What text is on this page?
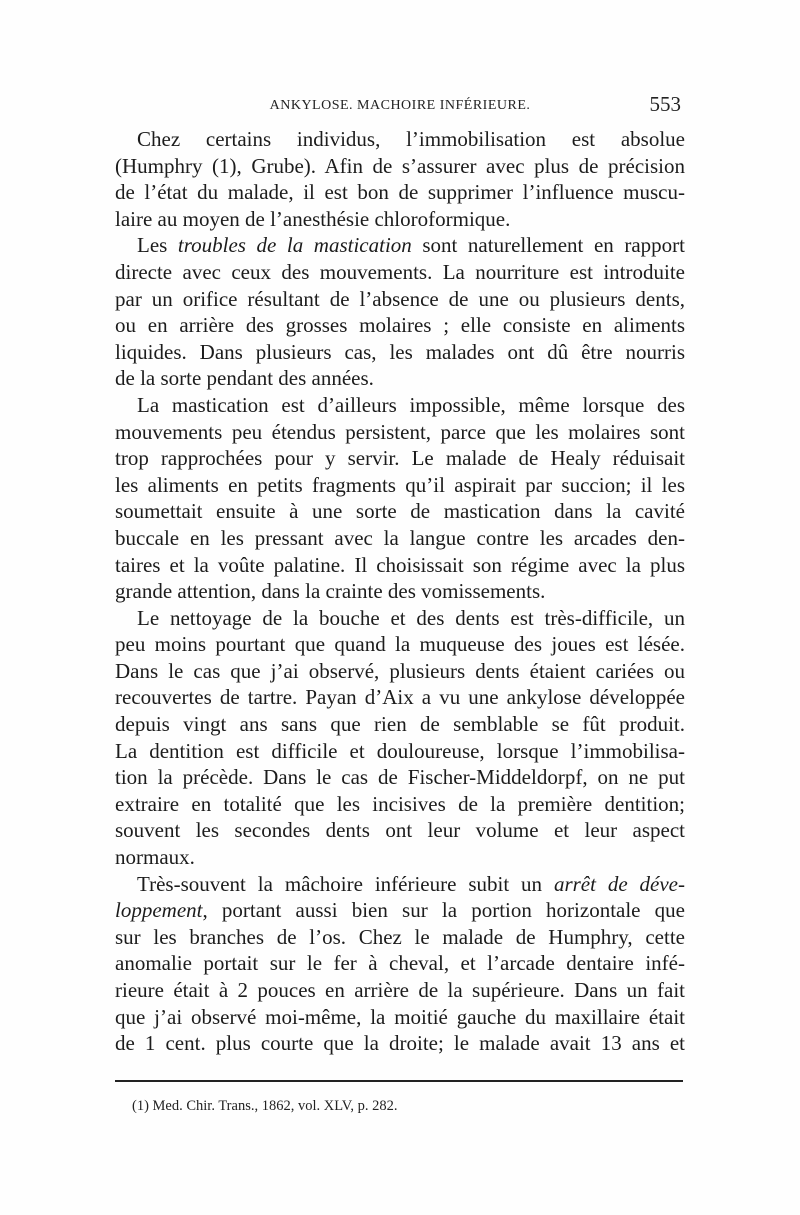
ANKYLOSE. MACHOIRE INFÉRIEURE.	553
Chez certains individus, l’immobilisation est absolue
(Humphry (1), Grube). Afin de s’assurer avec plus de précision
de l’état du malade, il est bon de supprimer l’influence muscu-
laire au moyen de l’anesthésie chloroformique.
Les troubles de la mastication sont naturellement en rapport
directe avec ceux des mouvements. La nourriture est introduite
par un orifice résultant de l’absence de une ou plusieurs dents,
ou en arrière des grosses molaires ; elle consiste en aliments
liquides. Dans plusieurs cas, les malades ont dû être nourris
de la sorte pendant des années.
La mastication est d’ailleurs impossible, même lorsque des
mouvements peu étendus persistent, parce que les molaires sont
trop rapprochées pour y servir. Le malade de Healy réduisait
les aliments en petits fragments qu’il aspirait par succion; il les
soumettait ensuite à une sorte de mastication dans la cavité
buccale en les pressant avec la langue contre les arcades den-
taires et la voûte palatine. Il choisissait son régime avec la plus
grande attention, dans la crainte des vomissements.
Le nettoyage de la bouche et des dents est très-difficile, un
peu moins pourtant que quand la muqueuse des joues est lésée.
Dans le cas que j’ai observé, plusieurs dents étaient cariées ou
recouvertes de tartre. Payan d’Aix a vu une ankylose développée
depuis vingt ans sans que rien de semblable se fût produit.
La dentition est difficile et douloureuse, lorsque l’immobilisa-
tion la précède. Dans le cas de Fischer-Middeldorpf, on ne put
extraire en totalité que les incisives de la première dentition;
souvent les secondes dents ont leur volume et leur aspect
normaux.
Très-souvent la mâchoire inférieure subit un arrêt de déve-
loppement, portant aussi bien sur la portion horizontale que
sur les branches de l’os. Chez le malade de Humphry, cette
anomalie portait sur le fer à cheval, et l’arcade dentaire infé-
rieure était à 2 pouces en arrière de la supérieure. Dans un fait
que j’ai observé moi-même, la moitié gauche du maxillaire était
de 1 cent. plus courte que la droite; le malade avait 13 ans et
(1) Med. Chir. Trans., 1862, vol. XLV, p. 282.
